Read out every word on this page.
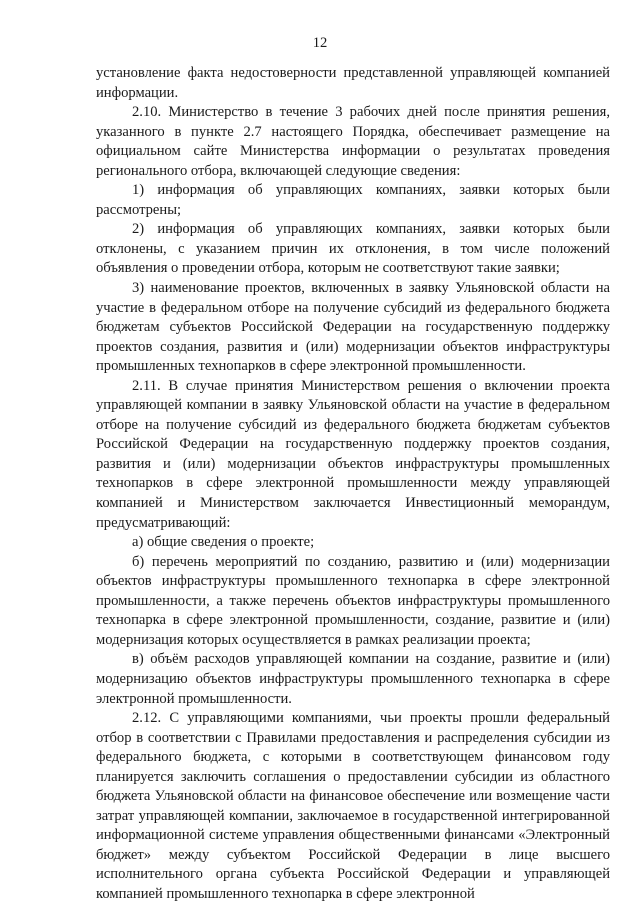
12

установление факта недостоверности представленной управляющей компанией информации.

2.10. Министерство в течение 3 рабочих дней после принятия решения, указанного в пункте 2.7 настоящего Порядка, обеспечивает размещение на официальном сайте Министерства информации о результатах проведения регионального отбора, включающей следующие сведения:

1) информация об управляющих компаниях, заявки которых были рассмотрены;

2) информация об управляющих компаниях, заявки которых были отклонены, с указанием причин их отклонения, в том числе положений объявления о проведении отбора, которым не соответствуют такие заявки;

3) наименование проектов, включенных в заявку Ульяновской области на участие в федеральном отборе на получение субсидий из федерального бюджета бюджетам субъектов Российской Федерации на государственную поддержку проектов создания, развития и (или) модернизации объектов инфраструктуры промышленных технопарков в сфере электронной промышленности.

2.11. В случае принятия Министерством решения о включении проекта управляющей компании в заявку Ульяновской области на участие в федеральном отборе на получение субсидий из федерального бюджета бюджетам субъектов Российской Федерации на государственную поддержку проектов создания, развития и (или) модернизации объектов инфраструктуры промышленных технопарков в сфере электронной промышленности между управляющей компанией и Министерством заключается Инвестиционный меморандум, предусматривающий:

а) общие сведения о проекте;

б) перечень мероприятий по созданию, развитию и (или) модернизации объектов инфраструктуры промышленного технопарка в сфере электронной промышленности, а также перечень объектов инфраструктуры промышленного технопарка в сфере электронной промышленности, создание, развитие и (или) модернизация которых осуществляется в рамках реализации проекта;

в) объём расходов управляющей компании на создание, развитие и (или) модернизацию объектов инфраструктуры промышленного технопарка в сфере электронной промышленности.

2.12. С управляющими компаниями, чьи проекты прошли федеральный отбор в соответствии с Правилами предоставления и распределения субсидии из федерального бюджета, с которыми в соответствующем финансовом году планируется заключить соглашения о предоставлении субсидии из областного бюджета Ульяновской области на финансовое обеспечение или возмещение части затрат управляющей компании, заключаемое в государственной интегрированной информационной системе управления общественными финансами «Электронный бюджет» между субъектом Российской Федерации в лице высшего исполнительного органа субъекта Российской Федерации и управляющей компанией промышленного технопарка в сфере электронной
